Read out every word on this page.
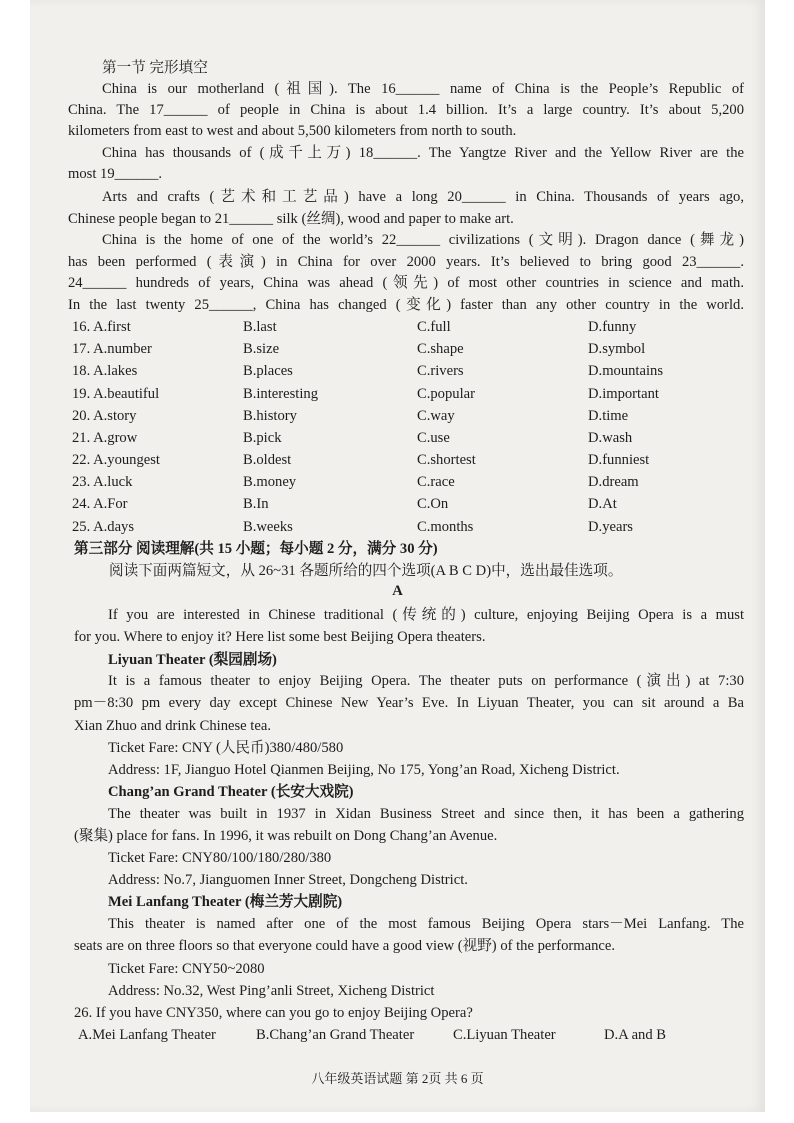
第一节 完形填空
China is our motherland (祖国). The 16______ name of China is the People’s Republic of
China. The 17______ of people in China is about 1.4 billion. It’s a large country. It’s about 5,200
kilometers from east to west and about 5,500 kilometers from north to south.
China has thousands of (成千上万) 18______. The Yangtze River and the Yellow River are the
most 19______.
Arts and crafts (艺术和工艺品) have a long 20______ in China. Thousands of years ago,
Chinese people began to 21______ silk (丝绸), wood and paper to make art.
China is the home of one of the world’s 22______ civilizations (文明). Dragon dance (舞龙)
has been performed (表演) in China for over 2000 years. It’s believed to bring good 23______.
24______ hundreds of years, China was ahead (领先) of most other countries in science and math.
In the last twenty 25______, China has changed (变化) faster than any other country in the world.
16. A.first	B.last	C.full	D.funny
17. A.number	B.size	C.shape	D.symbol
18. A.lakes	B.places	C.rivers	D.mountains
19. A.beautiful	B.interesting	C.popular	D.important
20. A.story	B.history	C.way	D.time
21. A.grow	B.pick	C.use	D.wash
22. A.youngest	B.oldest	C.shortest	D.funniest
23. A.luck	B.money	C.race	D.dream
24. A.For	B.In	C.On	D.At
25. A.days	B.weeks	C.months	D.years
第三部分 阅读理解(共 15 小题；每小题 2 分，满分 30 分)
阅读下面两篇短文，从 26~31 各题所给的四个选项(A B C D)中，选出最佳选项。
A
If you are interested in Chinese traditional (传统的) culture, enjoying Beijing Opera is a must
for you. Where to enjoy it? Here list some best Beijing Opera theaters.
Liyuan Theater (梨园剧场)
It is a famous theater to enjoy Beijing Opera. The theater puts on performance (演出) at 7:30
pm－8:30 pm every day except Chinese New Year’s Eve. In Liyuan Theater, you can sit around a Ba
Xian Zhuo and drink Chinese tea.
Ticket Fare: CNY (人民币)380/480/580
Address: 1F, Jianguo Hotel Qianmen Beijing, No 175, Yong’an Road, Xicheng District.
Chang’an Grand Theater (长安大戏院)
The theater was built in 1937 in Xidan Business Street and since then, it has been a gathering
(聚集) place for fans. In 1996, it was rebuilt on Dong Chang’an Avenue.
Ticket Fare: CNY80/100/180/280/380
Address: No.7, Jianguomen Inner Street, Dongcheng District.
Mei Lanfang Theater (梅兰芳大剧院)
This theater is named after one of the most famous Beijing Opera stars－Mei Lanfang. The
seats are on three floors so that everyone could have a good view (视野) of the performance.
Ticket Fare: CNY50~2080
Address: No.32, West Ping’anli Street, Xicheng District
26. If you have CNY350, where can you go to enjoy Beijing Opera?
A.Mei Lanfang Theater	B.Chang’an Grand Theater	C.Liyuan Theater	D.A and B
八年级英语试题 第 2页 共 6 页
